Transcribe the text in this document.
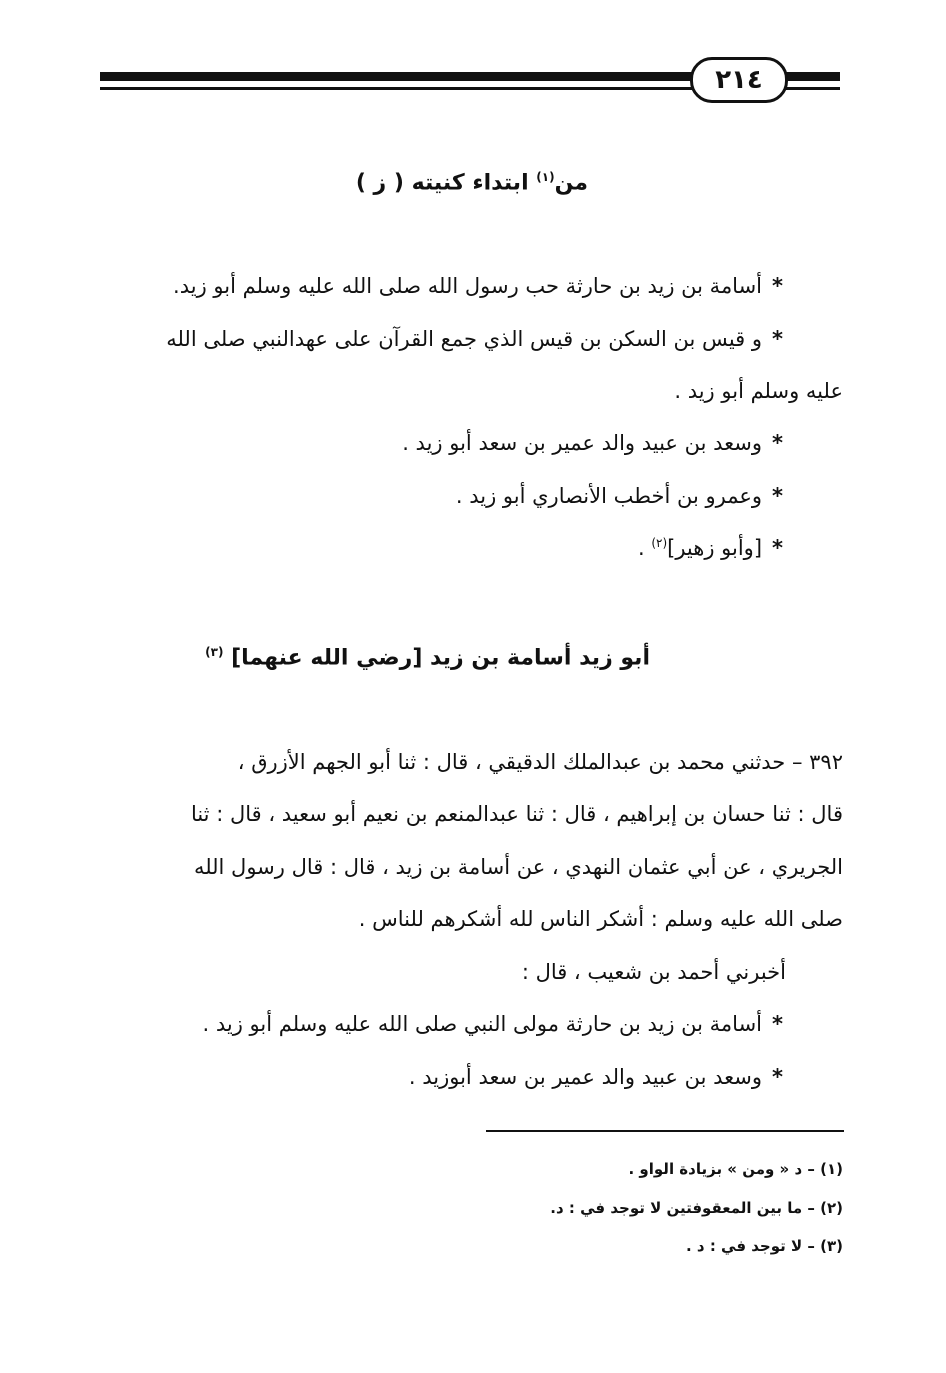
٢١٤
من$^{(١)}$ ابتداء كنيته ( ز )
*أسامة بن زيد بن حارثة حب رسول الله صلى الله عليه وسلم أبو زيد.
*و قيس بن السكن بن قيس الذي جمع القرآن على عهدالنبي صلى الله
عليه وسلم أبو زيد .
*وسعد بن عبيد والد عمير بن سعد أبو زيد .
*وعمرو بن أخطب الأنصاري أبو زيد .
*[وأبو زهير]$^{(٢)}$ .
أبو زيد أسامة بن زيد [رضي الله عنهما] $^{(٣)}$
٣٩٢ – حدثني محمد بن عبدالملك الدقيقي ، قال : ثنا أبو الجهم الأزرق ،
قال : ثنا حسان بن إبراهيم ، قال : ثنا عبدالمنعم بن نعيم أبو سعيد ، قال : ثنا
الجريري ، عن أبي عثمان النهدي ، عن أسامة بن زيد ، قال : قال رسول الله
صلى الله عليه وسلم : أشكر الناس لله أشكرهم للناس .
أخبرني أحمد بن شعيب ، قال :
*أسامة بن زيد بن حارثة مولى النبي صلى الله عليه وسلم أبو زيد .
*وسعد بن عبيد والد عمير بن سعد أبوزيد .
(١) – د « ومن » بزيادة الواو .
(٢) – ما بين المعقوفتين لا توجد في : د.
(٣) – لا توجد في : د .
